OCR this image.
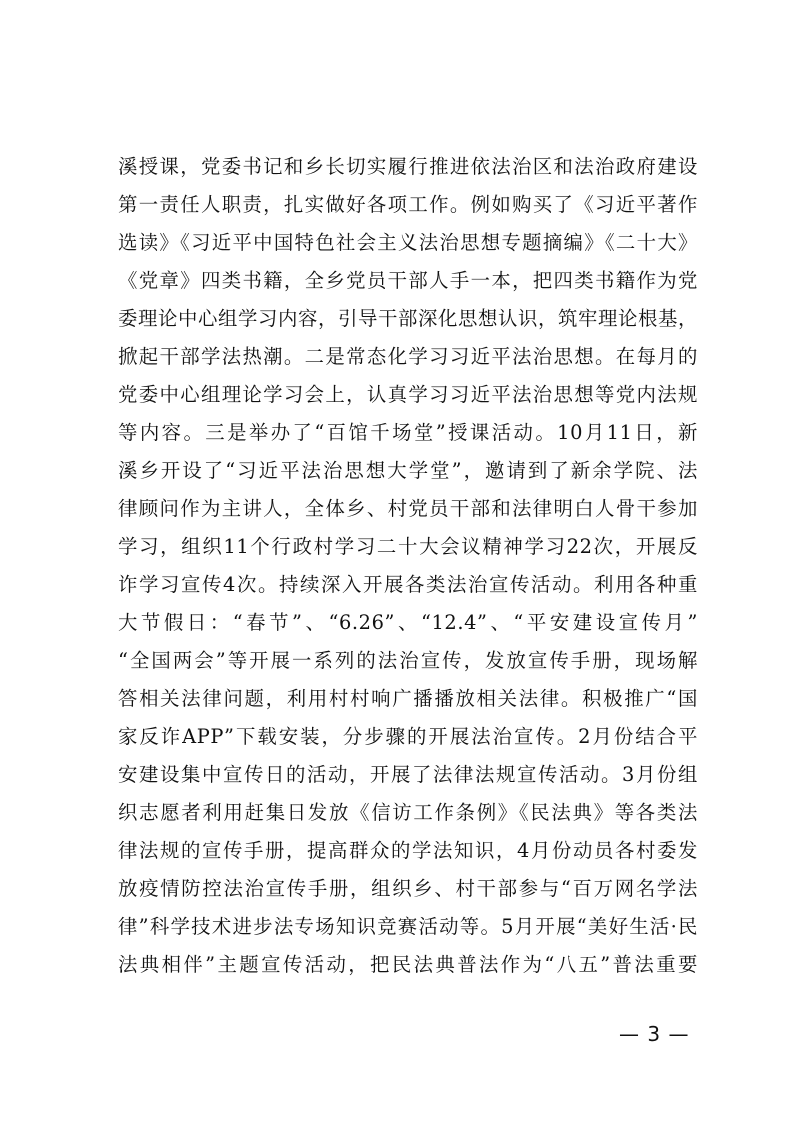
溪授课，党委书记和乡长切实履行推进依法治区和法治政府建设
第一责任人职责，扎实做好各项工作。例如购买了《习近平著作
选读》《习近平中国特色社会主义法治思想专题摘编》《二十大》
《党章》四类书籍，全乡党员干部人手一本，把四类书籍作为党
委理论中心组学习内容，引导干部深化思想认识，筑牢理论根基，
掀起干部学法热潮。二是常态化学习习近平法治思想。在每月的
党委中心组理论学习会上，认真学习习近平法治思想等党内法规
等内容。三是举办了“百馆千场堂”授课活动。10月11日，新
溪乡开设了“习近平法治思想大学堂”，邀请到了新余学院、法
律顾问作为主讲人，全体乡、村党员干部和法律明白人骨干参加
学习，组织11个行政村学习二十大会议精神学习22次，开展反
诈学习宣传4次。持续深入开展各类法治宣传活动。利用各种重
大节假日：“春节”、“6.26”、“12.4”、“平安建设宣传月”
“全国两会”等开展一系列的法治宣传，发放宣传手册，现场解
答相关法律问题，利用村村响广播播放相关法律。积极推广“国
家反诈APP”下载安装，分步骤的开展法治宣传。2月份结合平
安建设集中宣传日的活动，开展了法律法规宣传活动。3月份组
织志愿者利用赶集日发放《信访工作条例》《民法典》等各类法
律法规的宣传手册，提高群众的学法知识，4月份动员各村委发
放疫情防控法治宣传手册，组织乡、村干部参与“百万网名学法
律”科学技术进步法专场知识竞赛活动等。5月开展“美好生活·民
法典相伴”主题宣传活动，把民法典普法作为“八五”普法重要
— 3 —
